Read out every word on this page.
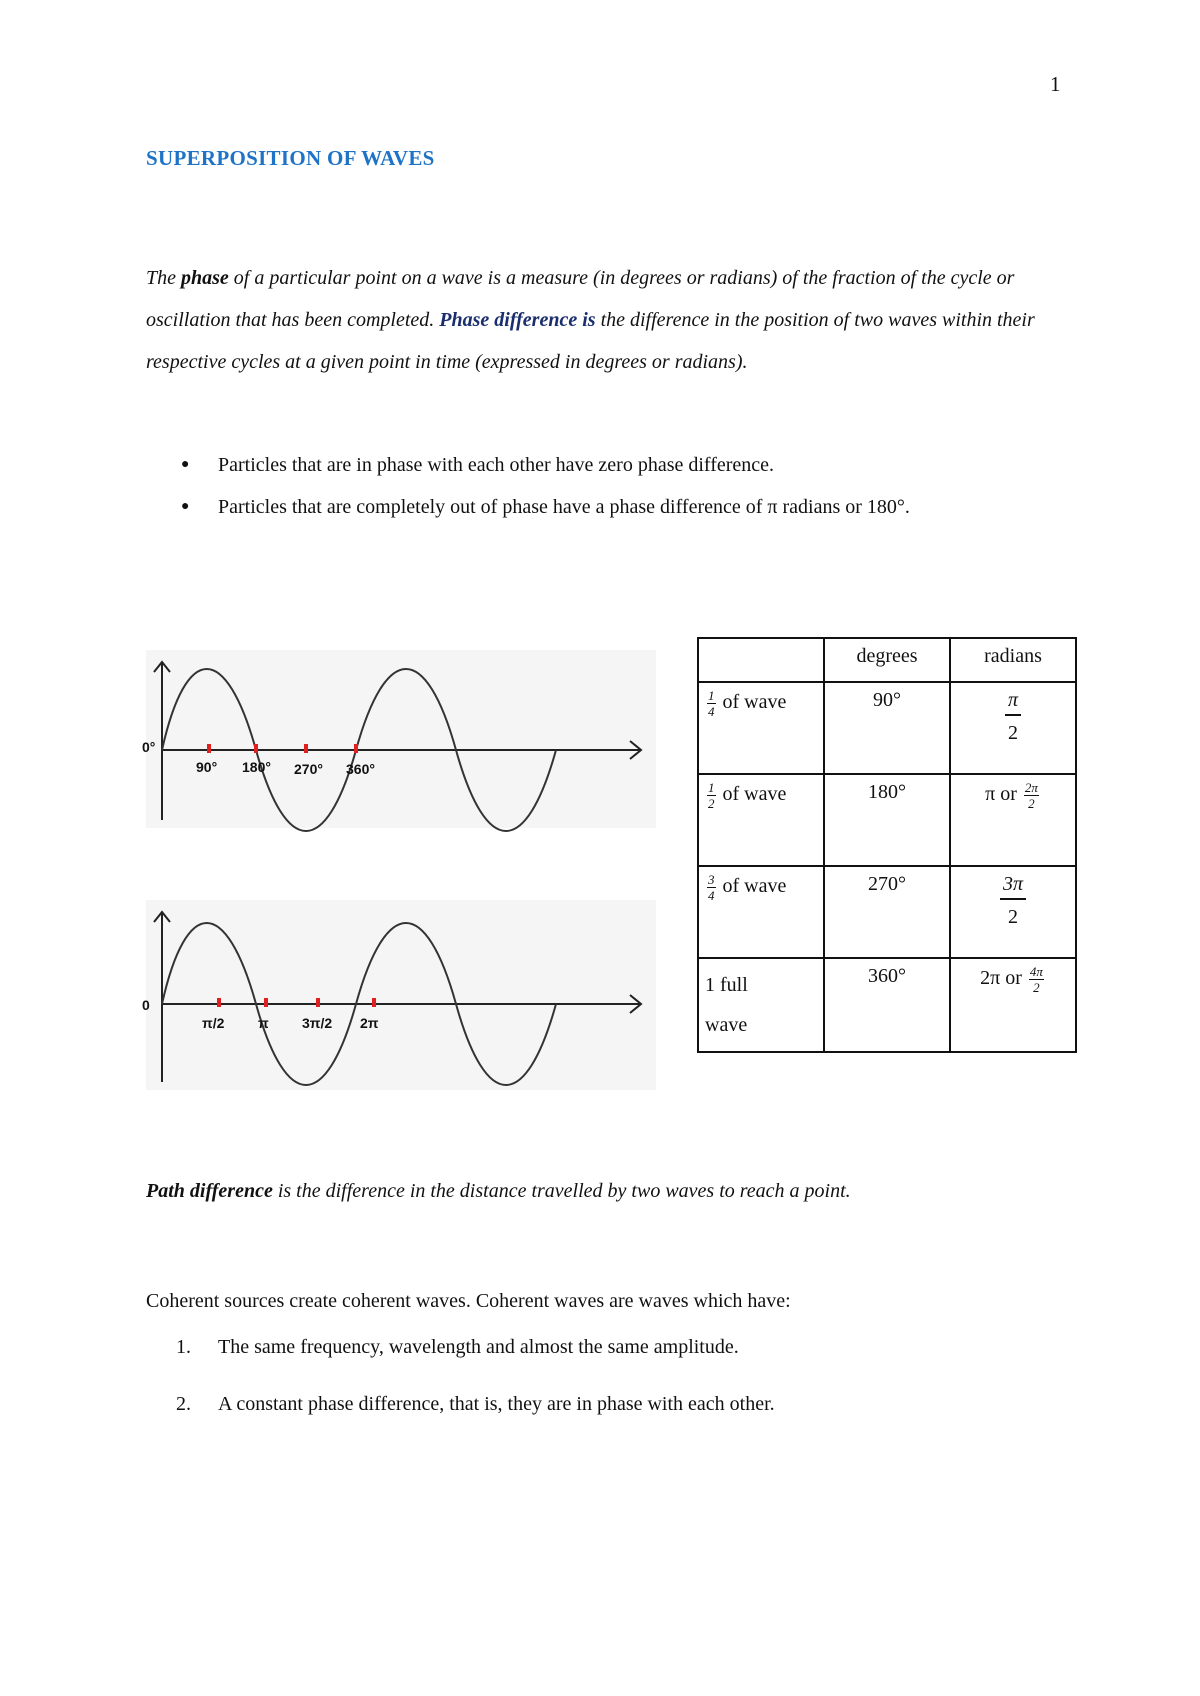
1
SUPERPOSITION OF WAVES

The phase of a particular point on a wave is a measure (in degrees or radians) of the fraction of the cycle or oscillation that has been completed. Phase difference is the difference in the position of two waves within their respective cycles at a given point in time (expressed in degrees or radians).

● Particles that are in phase with each other have zero phase difference.
● Particles that are completely out of phase have a phase difference of π radians or 180°.
0°
90° 180° 270° 360°
0
π/2 π 3π/2 2π
	degrees	radians

$\frac{1}{4}$ of wave	90°	$\frac{\pi}{2}$

$\frac{1}{2}$ of wave	180°	π or $\frac{2\pi}{2}$

$\frac{3}{4}$ of wave	270°	$\frac{3\pi}{2}$

1 full
wave	360°	2π or $\frac{4\pi}{2}$

Path difference is the difference in the distance travelled by two waves to reach a point.

Coherent sources create coherent waves. Coherent waves are waves which have:
1. The same frequency, wavelength and almost the same amplitude.
2. A constant phase difference, that is, they are in phase with each other.
